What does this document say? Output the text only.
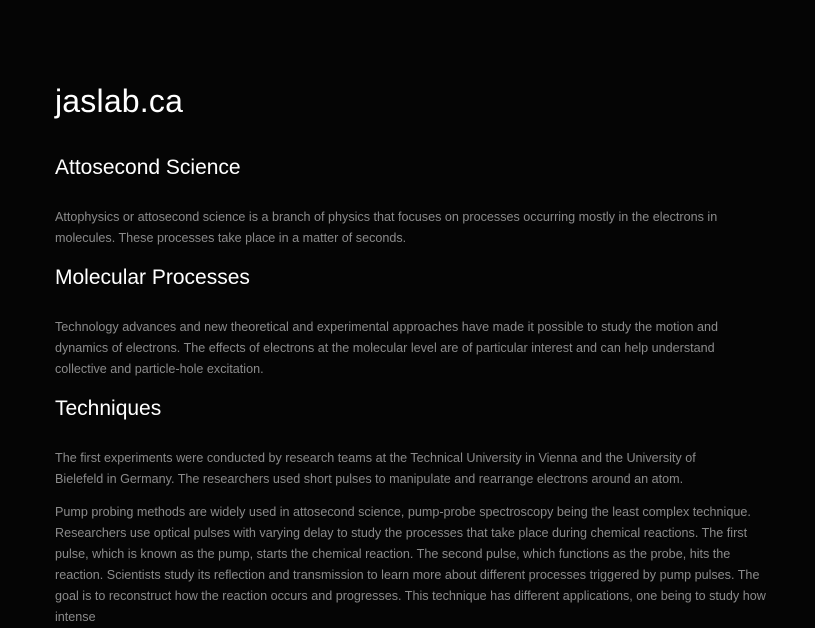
jaslab.ca
Attosecond Science

Attophysics or attosecond science is a branch of physics that focuses on processes occurring mostly in the electrons in molecules. These processes take place in a matter of seconds.

Molecular Processes

Technology advances and new theoretical and experimental approaches have made it possible to study the motion and dynamics of electrons. The effects of electrons at the molecular level are of particular interest and can help understand collective and particle-hole excitation.

Techniques

The first experiments were conducted by research teams at the Technical University in Vienna and the University of Bielefeld in Germany. The researchers used short pulses to manipulate and rearrange electrons around an atom.

Pump probing methods are widely used in attosecond science, pump-probe spectroscopy being the least complex technique. Researchers use optical pulses with varying delay to study the processes that take place during chemical reactions. The first pulse, which is known as the pump, starts the chemical reaction. The second pulse, which functions as the probe, hits the reaction. Scientists study its reflection and transmission to learn more about different processes triggered by pump pulses. The goal is to reconstruct how the reaction occurs and progresses. This technique has different applications, one being to study how intense
